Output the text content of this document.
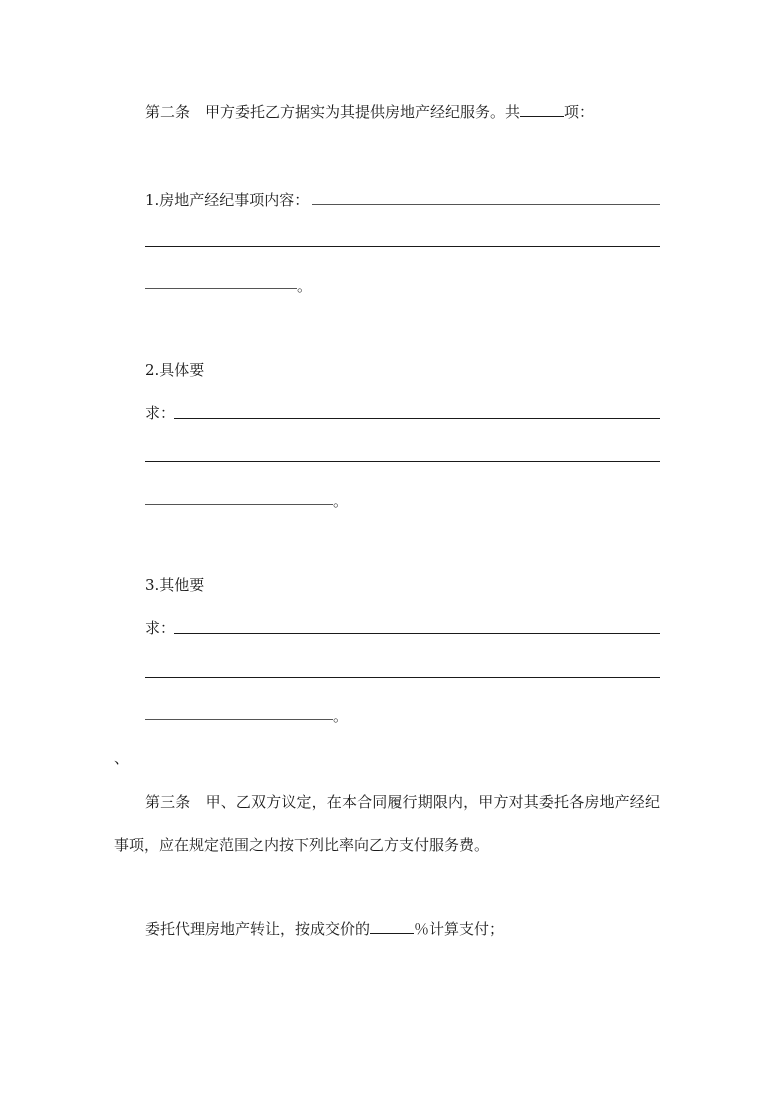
第二条　甲方委托乙方据实为其提供房地产经纪服务。共	项：
1.房地产经纪事项内容：
。
2.具体要
求：
。
3.其他要
求：
。
、
第三条　甲、乙双方议定，在本合同履行期限内，甲方对其委托各房地产经纪
事项，应在规定范围之内按下列比率向乙方支付服务费。
委托代理房地产转让，按成交价的	％计算支付；
